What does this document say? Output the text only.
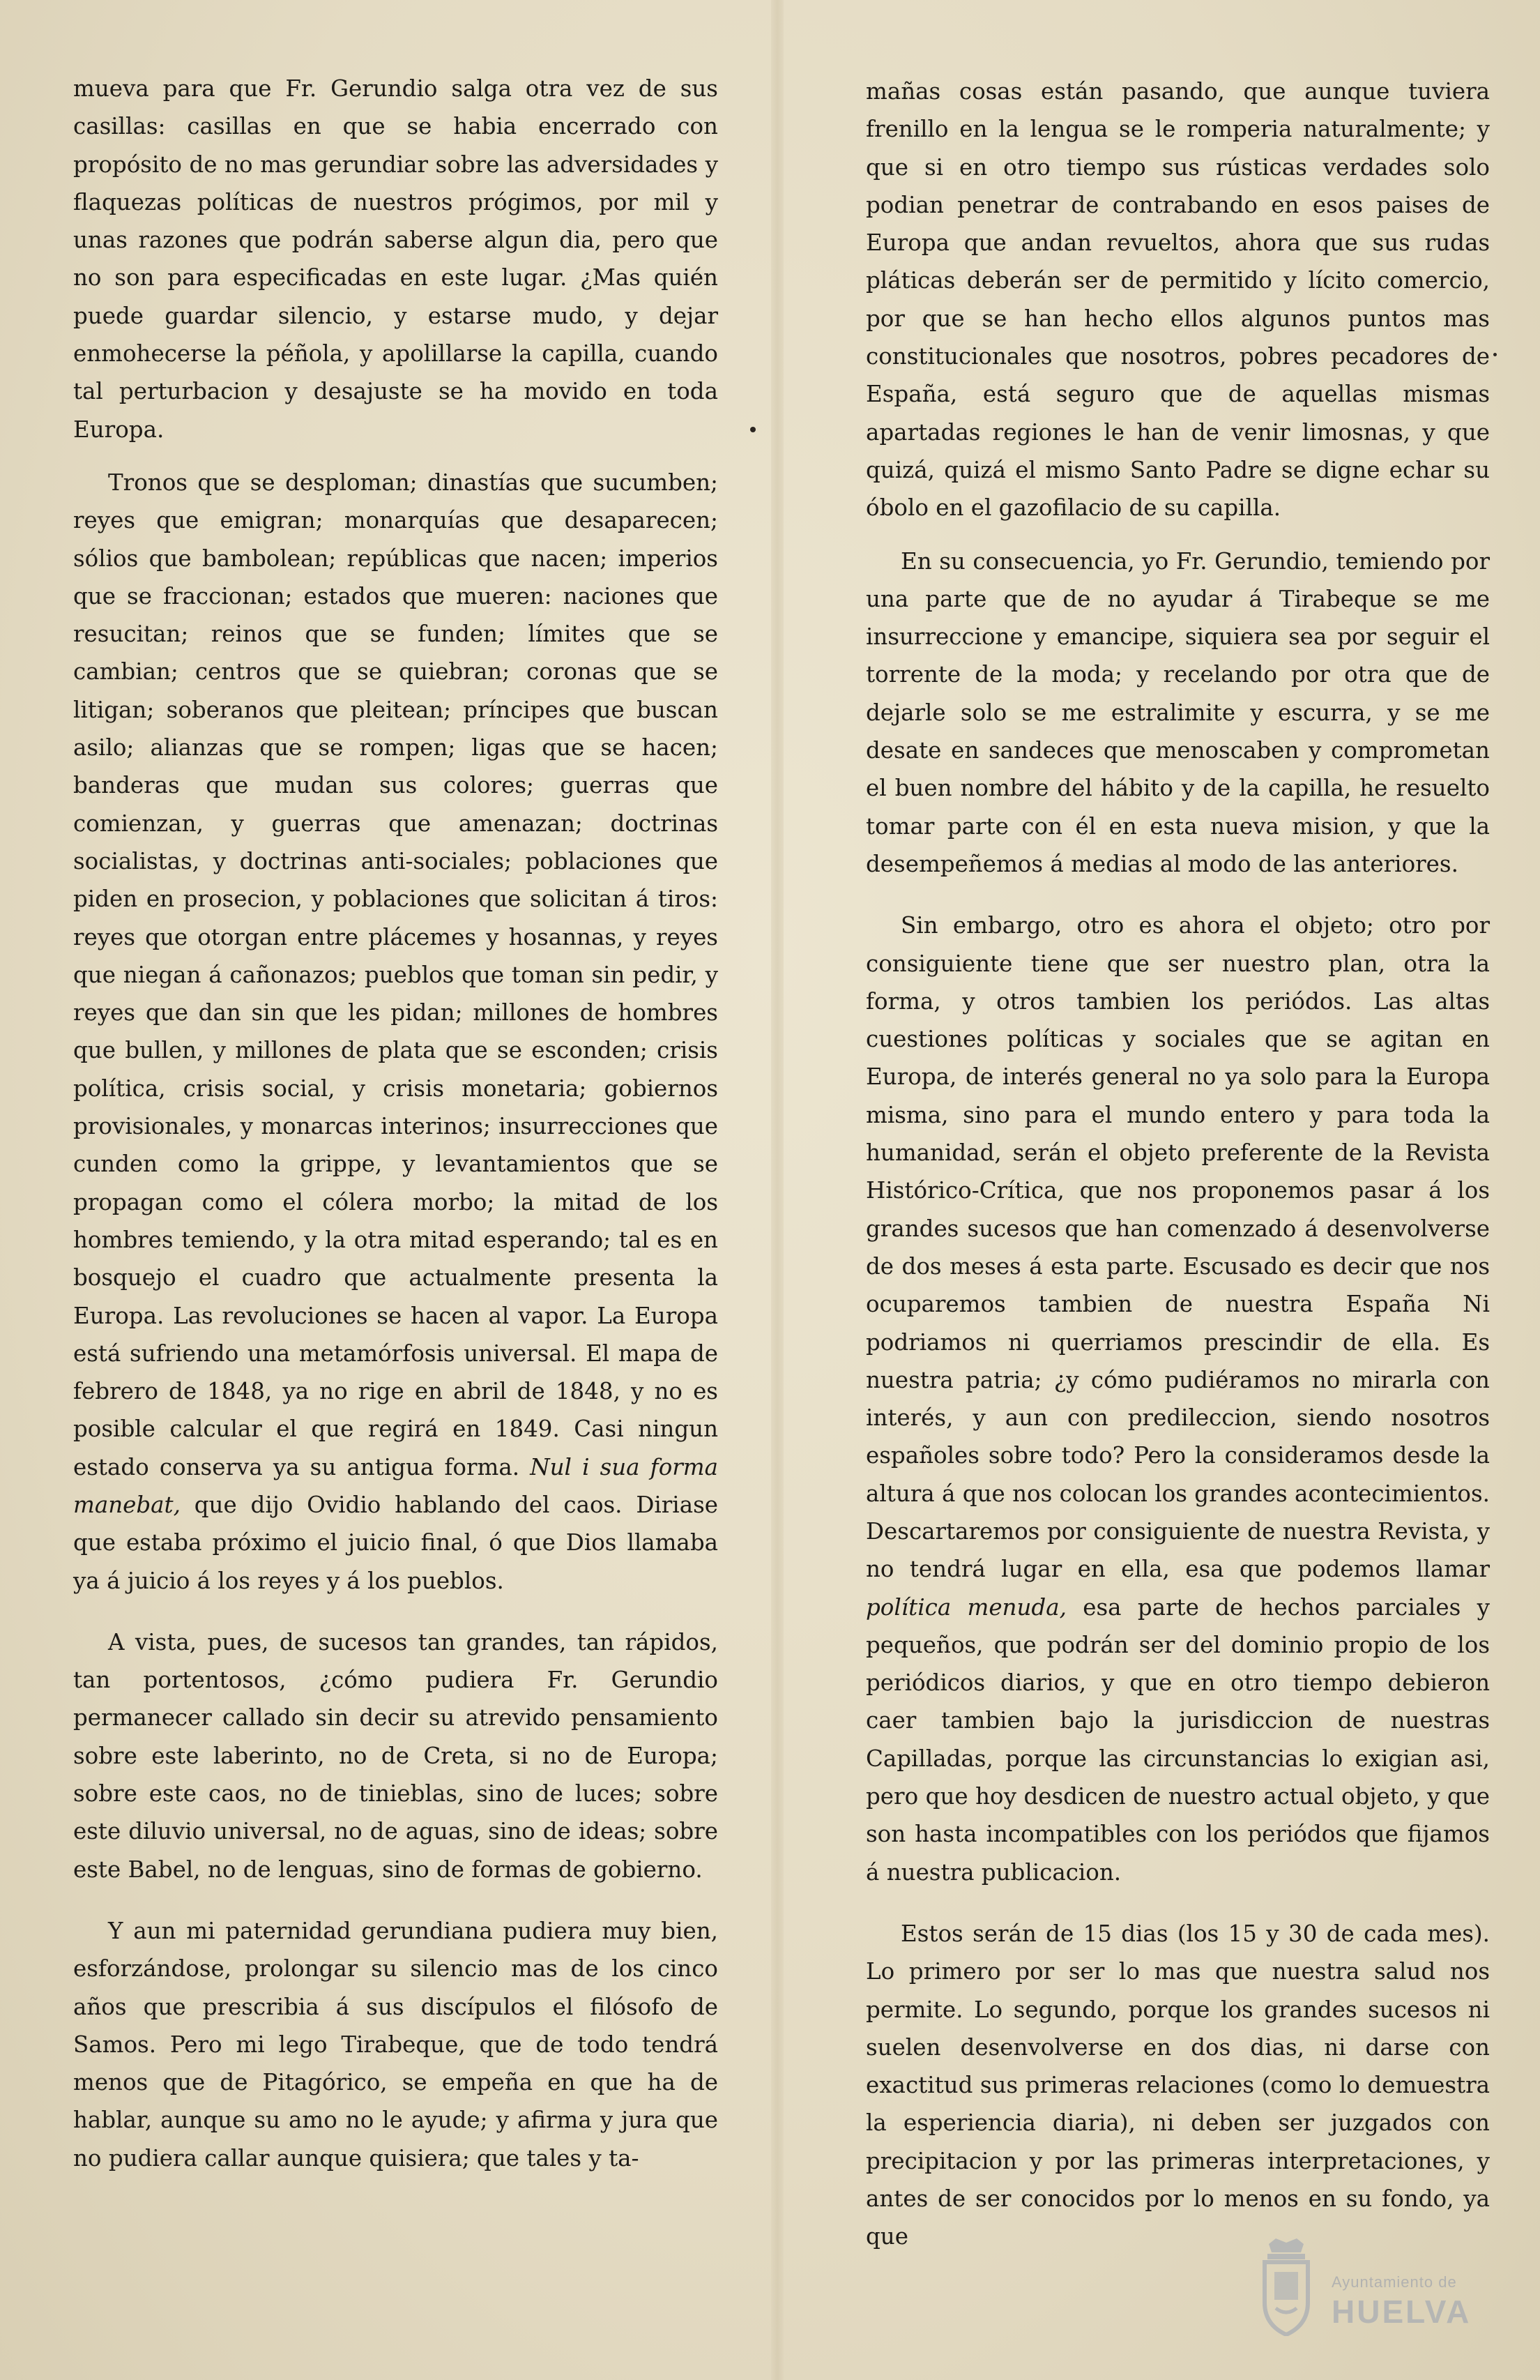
mueva para que Fr. Gerundio salga otra vez de sus casillas: casillas en que se habia encerrado con propósito de no mas gerundiar sobre las adversidades y flaquezas políticas de nuestros prógimos, por mil y unas razones que podrán saberse algun dia, pero que no son para especificadas en este lugar. ¿Mas quién puede guardar silencio, y estarse mudo, y dejar enmohecerse la péñola, y apolillarse la capilla, cuando tal perturbacion y desajuste se ha movido en toda Europa.

Tronos que se desploman; dinastías que sucumben; reyes que emigran; monarquías que desaparecen; sólios que bambolean; repúblicas que nacen; imperios que se fraccionan; estados que mueren: naciones que resucitan; reinos que se funden; límites que se cambian; centros que se quiebran; coronas que se litigan; soberanos que pleitean; príncipes que buscan asilo; alianzas que se rompen; ligas que se hacen; banderas que mudan sus colores; guerras que comienzan, y guerras que amenazan; doctrinas socialistas, y doctrinas anti-sociales; poblaciones que piden en prosecion, y poblaciones que solicitan á tiros: reyes que otorgan entre plácemes y hosannas, y reyes que niegan á cañonazos; pueblos que toman sin pedir, y reyes que dan sin que les pidan; millones de hombres que bullen, y millones de plata que se esconden; crisis política, crisis social, y crisis monetaria; gobiernos provisionales, y monarcas interinos; insurrecciones que cunden como la grippe, y levantamientos que se propagan como el cólera morbo; la mitad de los hombres temiendo, y la otra mitad esperando; tal es en bosquejo el cuadro que actualmente presenta la Europa. Las revoluciones se hacen al vapor. La Europa está sufriendo una metamórfosis universal. El mapa de febrero de 1848, ya no rige en abril de 1848, y no es posible calcular el que regirá en 1849. Casi ningun estado conserva ya su antigua forma. Nul i sua forma manebat, que dijo Ovidio hablando del caos. Diriase que estaba próximo el juicio final, ó que Dios llamaba ya á juicio á los reyes y á los pueblos.

A vista, pues, de sucesos tan grandes, tan rápidos, tan portentosos, ¿cómo pudiera Fr. Gerundio permanecer callado sin decir su atrevido pensamiento sobre este laberinto, no de Creta, si no de Europa; sobre este caos, no de tinieblas, sino de luces; sobre este diluvio universal, no de aguas, sino de ideas; sobre este Babel, no de lenguas, sino de formas de gobierno.

Y aun mi paternidad gerundiana pudiera muy bien, esforzándose, prolongar su silencio mas de los cinco años que prescribia á sus discípulos el filósofo de Samos. Pero mi lego Tirabeque, que de todo tendrá menos que de Pitagórico, se empeña en que ha de hablar, aunque su amo no le ayude; y afirma y jura que no pudiera callar aunque quisiera; que tales y ta-

mañas cosas están pasando, que aunque tuviera frenillo en la lengua se le romperia naturalmente; y que si en otro tiempo sus rústicas verdades solo podian penetrar de contrabando en esos paises de Europa que andan revueltos, ahora que sus rudas pláticas deberán ser de permitido y lícito comercio, por que se han hecho ellos algunos puntos mas constitucionales que nosotros, pobres pecadores de España, está seguro que de aquellas mismas apartadas regiones le han de venir limosnas, y que quizá, quizá el mismo Santo Padre se digne echar su óbolo en el gazofilacio de su capilla.

En su consecuencia, yo Fr. Gerundio, temiendo por una parte que de no ayudar á Tirabeque se me insurreccione y emancipe, siquiera sea por seguir el torrente de la moda; y recelando por otra que de dejarle solo se me estralimite y escurra, y se me desate en sandeces que menoscaben y comprometan el buen nombre del hábito y de la capilla, he resuelto tomar parte con él en esta nueva mision, y que la desempeñemos á medias al modo de las anteriores.

Sin embargo, otro es ahora el objeto; otro por consiguiente tiene que ser nuestro plan, otra la forma, y otros tambien los periódos. Las altas cuestiones políticas y sociales que se agitan en Europa, de interés general no ya solo para la Europa misma, sino para el mundo entero y para toda la humanidad, serán el objeto preferente de la Revista Histórico-Crítica, que nos proponemos pasar á los grandes sucesos que han comenzado á desenvolverse de dos meses á esta parte. Escusado es decir que nos ocuparemos tambien de nuestra España Ni podriamos ni querriamos prescindir de ella. Es nuestra patria; ¿y cómo pudiéramos no mirarla con interés, y aun con predileccion, siendo nosotros españoles sobre todo? Pero la consideramos desde la altura á que nos colocan los grandes acontecimientos. Descartaremos por consiguiente de nuestra Revista, y no tendrá lugar en ella, esa que podemos llamar política menuda, esa parte de hechos parciales y pequeños, que podrán ser del dominio propio de los periódicos diarios, y que en otro tiempo debieron caer tambien bajo la jurisdiccion de nuestras Capilladas, porque las circunstancias lo exigian asi, pero que hoy desdicen de nuestro actual objeto, y que son hasta incompatibles con los periódos que fijamos á nuestra publicacion.

Estos serán de 15 dias (los 15 y 30 de cada mes). Lo primero por ser lo mas que nuestra salud nos permite. Lo segundo, porque los grandes sucesos ni suelen desenvolverse en dos dias, ni darse con exactitud sus primeras relaciones (como lo demuestra la esperiencia diaria), ni deben ser juzgados con precipitacion y por las primeras interpretaciones, y antes de ser conocidos por lo menos en su fondo, ya que

Ayuntamiento de
HUELVA
